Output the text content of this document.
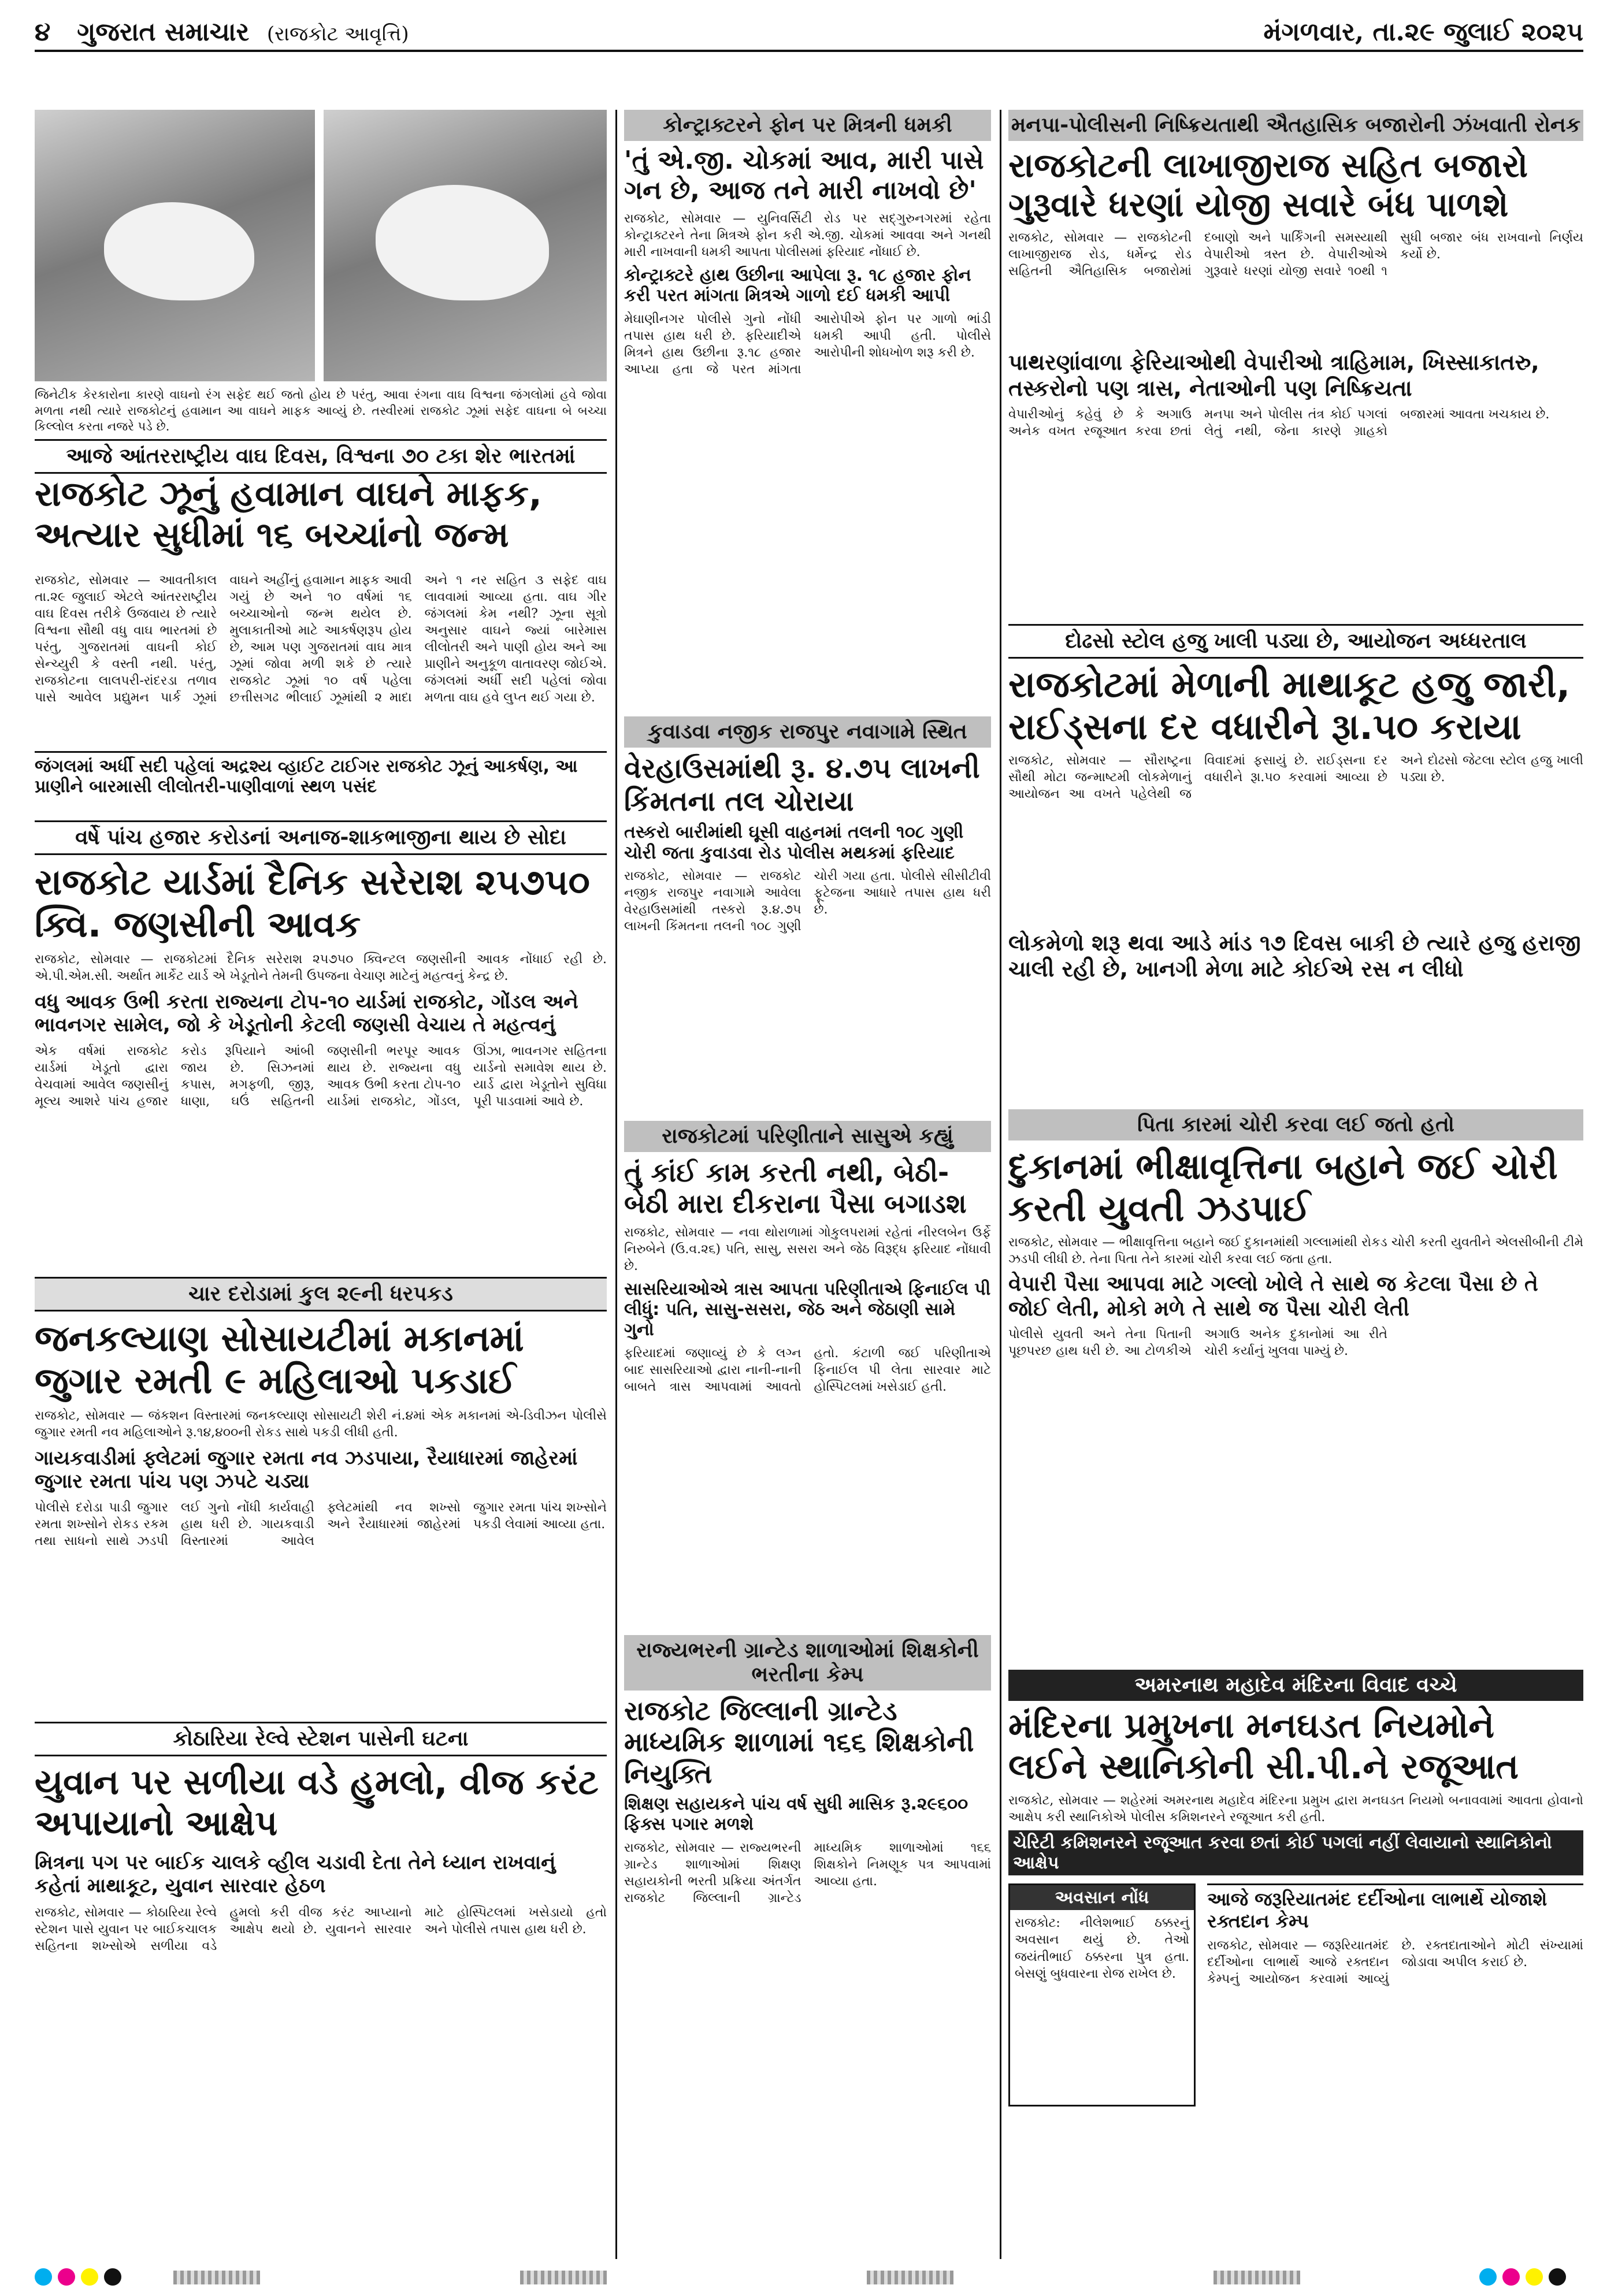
૪ ગુજરાત સમાચાર (રાજકોટ આવૃત્તિ)	મંગળવાર, તા.૨૯ જુલાઈ ૨૦૨૫
જિનેટીક કેરકારોના કારણે વાઘનો રંગ સફેદ થઈ જતો હોય છે પરંતુ, આવા રંગના વાઘ વિશ્વના જંગલોમાં હવે જોવા મળતા નથી ત્યારે રાજકોટનું હવામાન આ વાઘને માફક આવ્યું છે. તસ્વીરમાં રાજકોટ ઝૂમાં સફેદ વાઘના બે બચ્ચા કિલ્લોલ કરતા નજરે પડે છે.
આજે આંતરરાષ્ટ્રીય વાઘ દિવસ, વિશ્વના ૭૦ ટકા શેર ભારતમાં
રાજકોટ ઝૂનું હવામાન વાઘને માફક, અત્યાર સુધીમાં ૧૬ બચ્ચાંનો જન્મ
રાજકોટ, સોમવાર — આવતીકાલ તા.૨૯ જુલાઈ એટલે આંતરરાષ્ટ્રીય વાઘ દિવસ તરીકે ઉજવાય છે ત્યારે વિશ્વના સૌથી વધુ વાઘ ભારતમાં છે પરંતુ, ગુજરાતમાં વાઘની કોઈ સેન્ચ્યુરી કે વસ્તી નથી. પરંતુ, રાજકોટના લાલપરી-રાંદરડા તળાવ પાસે આવેલ પ્રદ્યુમન પાર્ક ઝૂમાં વાઘને અહીંનું હવામાન માફક આવી ગયું છે અને ૧૦ વર્ષમાં ૧૬ બચ્ચાઓનો જન્મ થયેલ છે. મુલાકાતીઓ માટે આકર્ષણરૂપ હોય છે, આમ પણ ગુજરાતમાં વાઘ માત્ર ઝૂમાં જોવા મળી શકે છે ત્યારે રાજકોટ ઝૂમાં ૧૦ વર્ષ પહેલા છત્તીસગઢ ભીલાઈ ઝૂમાંથી ૨ માદા અને ૧ નર સહિત ૩ સફેદ વાઘ લાવવામાં આવ્યા હતા. વાઘ ગીર જંગલમાં કેમ નથી? ઝૂના સૂત્રો અનુસાર વાઘને જ્યાં બારેમાસ લીલોતરી અને પાણી હોય અને આ પ્રાણીને અનુકૂળ વાતાવરણ જોઈએ. જંગલમાં અર્ધી સદી પહેલાં જોવા મળતા વાઘ હવે લુપ્ત થઈ ગયા છે.
જંગલમાં અર્ધી સદી પહેલાં અદ્રશ્ય વ્હાઈટ ટાઈગર રાજકોટ ઝૂનું આકર્ષણ, આ પ્રાણીને બારમાસી લીલોતરી-પાણીવાળાં સ્થળ પસંદ
વર્ષે પાંચ હજાર કરોડનાં અનાજ-શાકભાજીના થાય છે સોદા
રાજકોટ યાર્ડમાં દૈનિક સરેરાશ ૨૫૭૫૦ ક્વિ. જણસીની આવક
રાજકોટ, સોમવાર — રાજકોટમાં દૈનિક સરેરાશ ૨૫૭૫૦ ક્વિન્ટલ જણસીની આવક નોંધાઈ રહી છે. એ.પી.એમ.સી. અર્થાત માર્કેટ યાર્ડ એ ખેડૂતોને તેમની ઉપજના વેચાણ માટેનું મહત્વનું કેન્દ્ર છે.
વધુ આવક ઉભી કરતા રાજ્યના ટોપ-૧૦ યાર્ડમાં રાજકોટ, ગોંડલ અને ભાવનગર સામેલ, જો કે ખેડૂતોની કેટલી જણસી વેચાય તે મહત્વનું
એક વર્ષમાં રાજકોટ યાર્ડમાં ખેડૂતો દ્વારા વેચવામાં આવેલ જણસીનું મૂલ્ય આશરે પાંચ હજાર કરોડ રૂપિયાને આંબી જાય છે. સિઝનમાં કપાસ, મગફળી, જીરૂ, ધાણા, ઘઉં સહિતની જણસીની ભરપૂર આવક થાય છે. રાજ્યના વધુ આવક ઉભી કરતા ટોપ-૧૦ યાર્ડમાં રાજકોટ, ગોંડલ, ઊંઝા, ભાવનગર સહિતના યાર્ડનો સમાવેશ થાય છે. યાર્ડ દ્વારા ખેડૂતોને સુવિધા પૂરી પાડવામાં આવે છે.
ચાર દરોડામાં કુલ ૨૯ની ધરપકડ
જનકલ્યાણ સોસાયટીમાં મકાનમાં જુગાર રમતી ૯ મહિલાઓ પકડાઈ
રાજકોટ, સોમવાર — જંકશન વિસ્તારમાં જનકલ્યાણ સોસાયટી શેરી નં.૪માં એક મકાનમાં એ-ડિવીઝન પોલીસે જુગાર રમતી નવ મહિલાઓને રૂ.૧૪,૪૦૦ની રોકડ સાથે પકડી લીધી હતી.
ગાયકવાડીમાં ફ્લેટમાં જુગાર રમતા નવ ઝડપાયા, રૈયાધારમાં જાહેરમાં જુગાર રમતા પાંચ પણ ઝપટે ચડ્યા
પોલીસે દરોડા પાડી જુગાર રમતા શખ્સોને રોકડ રકમ તથા સાધનો સાથે ઝડપી લઈ ગુનો નોંધી કાર્યવાહી હાથ ધરી છે. ગાયકવાડી વિસ્તારમાં આવેલ ફ્લેટમાંથી નવ શખ્સો અને રૈયાધારમાં જાહેરમાં જુગાર રમતા પાંચ શખ્સોને પકડી લેવામાં આવ્યા હતા.
કોઠારિયા રેલ્વે સ્ટેશન પાસેની ઘટના
યુવાન પર સળીયા વડે હુમલો, વીજ કરંટ અપાયાનો આક્ષેપ
મિત્રના પગ પર બાઈક ચાલકે વ્હીલ ચડાવી દેતા તેને ધ્યાન રાખવાનું કહેતાં માથાકૂટ, યુવાન સારવાર હેઠળ
રાજકોટ, સોમવાર — કોઠારિયા રેલ્વે સ્ટેશન પાસે યુવાન પર બાઈકચાલક સહિતના શખ્સોએ સળીયા વડે હુમલો કરી વીજ કરંટ આપ્યાનો આક્ષેપ થયો છે. યુવાનને સારવાર માટે હોસ્પિટલમાં ખસેડાયો હતો અને પોલીસે તપાસ હાથ ધરી છે.
કોન્ટ્રાક્ટરને ફોન પર મિત્રની ધમકી
'તું એ.જી. ચોકમાં આવ, મારી પાસે ગન છે, આજ તને મારી નાખવો છે'
રાજકોટ, સોમવાર — યુનિવર્સિટી રોડ પર સદ્ગુરુનગરમાં રહેતા કોન્ટ્રાક્ટરને તેના મિત્રએ ફોન કરી એ.જી. ચોકમાં આવવા અને ગનથી મારી નાખવાની ધમકી આપતા પોલીસમાં ફરિયાદ નોંધાઈ છે.
કોન્ટ્રાક્ટરે હાથ ઉછીના આપેલા રૂ. ૧૮ હજાર ફોન કરી પરત માંગતા મિત્રએ ગાળો દઈ ધમકી આપી
મેઘાણીનગર પોલીસે ગુનો નોંધી તપાસ હાથ ધરી છે. ફરિયાદીએ મિત્રને હાથ ઉછીના રૂ.૧૮ હજાર આપ્યા હતા જે પરત માંગતા આરોપીએ ફોન પર ગાળો ભાંડી ધમકી આપી હતી. પોલીસે આરોપીની શોધખોળ શરૂ કરી છે.
કુવાડવા નજીક રાજપુર નવાગામે સ્થિત
વેરહાઉસમાંથી રૂ. ૪.૭૫ લાખની કિંમતના તલ ચોરાયા
તસ્કરો બારીમાંથી ઘૂસી વાહનમાં તલની ૧૦૮ ગુણી ચોરી જતા કુવાડવા રોડ પોલીસ મથકમાં ફરિયાદ
રાજકોટ, સોમવાર — રાજકોટ નજીક રાજપુર નવાગામે આવેલા વેરહાઉસમાંથી તસ્કરો રૂ.૪.૭૫ લાખની કિંમતના તલની ૧૦૮ ગુણી ચોરી ગયા હતા. પોલીસે સીસીટીવી ફૂટેજના આધારે તપાસ હાથ ધરી છે.
રાજકોટમાં પરિણીતાને સાસુએ કહ્યું
તું કાંઈ કામ કરતી નથી, બેઠી-બેઠી મારા દીકરાના પૈસા બગાડશ
રાજકોટ, સોમવાર — નવા થોરાળામાં ગોકુલપરામાં રહેતાં નીરલબેન ઉર્ફે નિરુબેને (ઉ.વ.૨૬) પતિ, સાસુ, સસરા અને જેઠ વિરૂદ્ધ ફરિયાદ નોંધાવી છે.
સાસરિયાઓએ ત્રાસ આપતા પરિણીતાએ ફિનાઈલ પી લીધું: પતિ, સાસુ-સસરા, જેઠ અને જેઠાણી સામે ગુનો
ફરિયાદમાં જણાવ્યું છે કે લગ્ન બાદ સાસરિયાઓ દ્વારા નાની-નાની બાબતે ત્રાસ આપવામાં આવતો હતો. કંટાળી જઈ પરિણીતાએ ફિનાઈલ પી લેતા સારવાર માટે હોસ્પિટલમાં ખસેડાઈ હતી.
રાજ્યભરની ગ્રાન્ટેડ શાળાઓમાં શિક્ષકોની ભરતીના કેમ્પ
રાજકોટ જિલ્લાની ગ્રાન્ટેડ માધ્યમિક શાળામાં ૧૬૬ શિક્ષકોની નિયુક્તિ
શિક્ષણ સહાયકને પાંચ વર્ષ સુધી માસિક રૂ.૨૯૬૦૦ ફિક્સ પગાર મળશે
રાજકોટ, સોમવાર — રાજ્યભરની ગ્રાન્ટેડ શાળાઓમાં શિક્ષણ સહાયકોની ભરતી પ્રક્રિયા અંતર્ગત રાજકોટ જિલ્લાની ગ્રાન્ટેડ માધ્યમિક શાળાઓમાં ૧૬૬ શિક્ષકોને નિમણૂક પત્ર આપવામાં આવ્યા હતા.
મનપા-પોલીસની નિષ્ક્રિયતાથી ઐતહાસિક બજારોની ઝંખવાતી રોનક
રાજકોટની લાખાજીરાજ સહિત બજારો ગુરૂવારે ધરણાં યોજી સવારે બંધ પાળશે
રાજકોટ, સોમવાર — રાજકોટની લાખાજીરાજ રોડ, ધર્મેન્દ્ર રોડ સહિતની ઐતિહાસિક બજારોમાં દબાણો અને પાર્કિંગની સમસ્યાથી વેપારીઓ ત્રસ્ત છે. વેપારીઓએ ગુરૂવારે ધરણાં યોજી સવારે ૧૦થી ૧ સુધી બજાર બંધ રાખવાનો નિર્ણય કર્યો છે.
પાથરણાંવાળા ફેરિયાઓથી વેપારીઓ ત્રાહિમામ, ખિસ્સાકાતરુ, તસ્કરોનો પણ ત્રાસ, નેતાઓની પણ નિષ્ક્રિયતા
વેપારીઓનું કહેવું છે કે અગાઉ અનેક વખત રજૂઆત કરવા છતાં મનપા અને પોલીસ તંત્ર કોઈ પગલાં લેતું નથી, જેના કારણે ગ્રાહકો બજારમાં આવતા ખચકાય છે.
દોઢસો સ્ટોલ હજુ ખાલી પડ્યા છે, આયોજન અધ્ધરતાલ
રાજકોટમાં મેળાની માથાકૂટ હજુ જારી, રાઈડ્સના દર વધારીને રૂા.૫૦ કરાયા
રાજકોટ, સોમવાર — સૌરાષ્ટ્રના સૌથી મોટા જન્માષ્ટમી લોકમેળાનું આયોજન આ વખતે પહેલેથી જ વિવાદમાં ફસાયું છે. રાઈડ્સના દર વધારીને રૂા.૫૦ કરવામાં આવ્યા છે અને દોઢસો જેટલા સ્ટોલ હજુ ખાલી પડ્યા છે.
લોકમેળો શરૂ થવા આડે માંડ ૧૭ દિવસ બાકી છે ત્યારે હજુ હરાજી ચાલી રહી છે, ખાનગી મેળા માટે કોઈએ રસ ન લીધો
પિતા કારમાં ચોરી કરવા લઈ જતો હતો
દુકાનમાં ભીક્ષાવૃત્તિના બહાને જઈ ચોરી કરતી યુવતી ઝડપાઈ
રાજકોટ, સોમવાર — ભીક્ષાવૃત્તિના બહાને જઈ દુકાનમાંથી ગલ્લામાંથી રોકડ ચોરી કરતી યુવતીને એલસીબીની ટીમે ઝડપી લીધી છે. તેના પિતા તેને કારમાં ચોરી કરવા લઈ જતા હતા.
વેપારી પૈસા આપવા માટે ગલ્લો ખોલે તે સાથે જ કેટલા પૈસા છે તે જોઈ લેતી, મોકો મળે તે સાથે જ પૈસા ચોરી લેતી
પોલીસે યુવતી અને તેના પિતાની પૂછપરછ હાથ ધરી છે. આ ટોળકીએ અગાઉ અનેક દુકાનોમાં આ રીતે ચોરી કર્યાનું ખુલવા પામ્યું છે.
અમરનાથ મહાદેવ મંદિરના વિવાદ વચ્ચે
મંદિરના પ્રમુખના મનઘડત નિયમોને લઈને સ્થાનિકોની સી.પી.ને રજૂઆત
રાજકોટ, સોમવાર — શહેરમાં અમરનાથ મહાદેવ મંદિરના પ્રમુખ દ્વારા મનઘડત નિયમો બનાવવામાં આવતા હોવાનો આક્ષેપ કરી સ્થાનિકોએ પોલીસ કમિશનરને રજૂઆત કરી હતી.
ચેરિટી કમિશનરને રજૂઆત કરવા છતાં કોઈ પગલાં નહીં લેવાયાનો સ્થાનિકોનો આક્ષેપ
અવસાન નોંધ
રાજકોટ: નીલેશભાઈ ઠક્કરનું અવસાન થયું છે. તેઓ જયંતીભાઈ ઠક્કરના પુત્ર હતા. બેસણું બુધવારના રોજ રાખેલ છે.
આજે જરૂરિયાતમંદ દર્દીઓના લાભાર્થે યોજાશે રક્તદાન કેમ્પ
રાજકોટ, સોમવાર — જરૂરિયાતમંદ દર્દીઓના લાભાર્થે આજે રક્તદાન કેમ્પનું આયોજન કરવામાં આવ્યું છે. રક્તદાતાઓને મોટી સંખ્યામાં જોડાવા અપીલ કરાઈ છે.
